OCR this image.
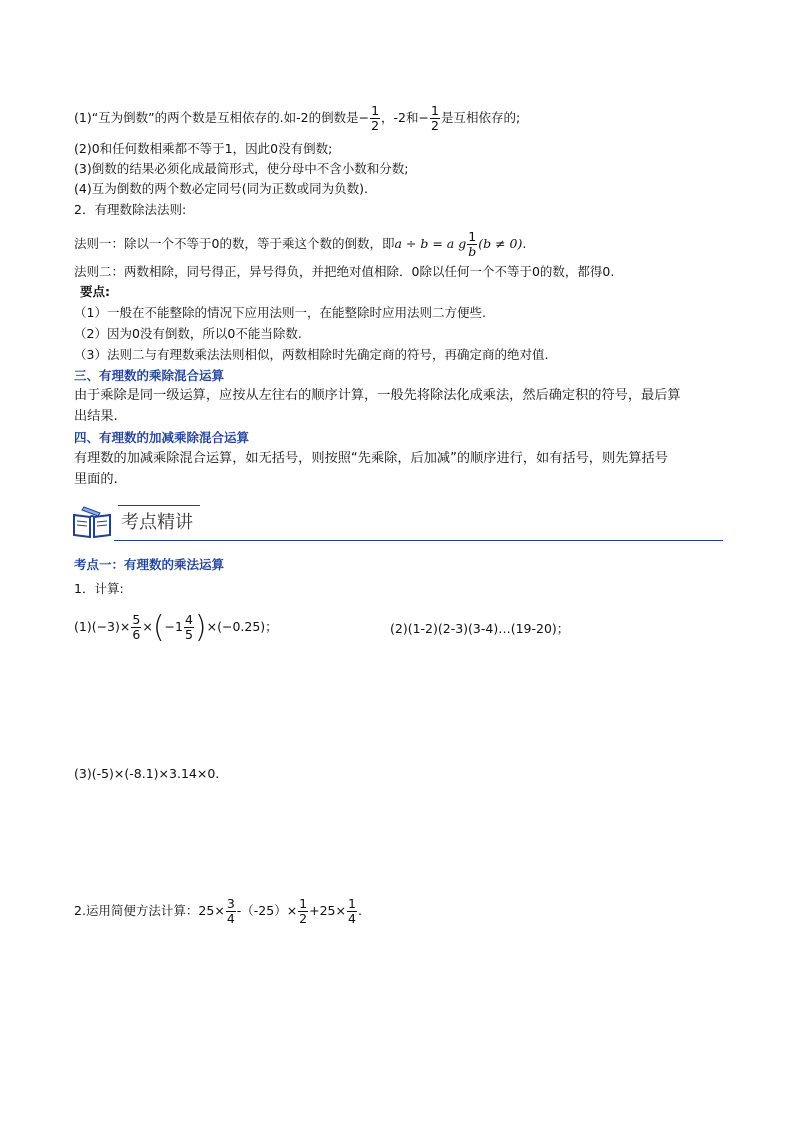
(1)“互为倒数”的两个数是互相依存的.如-2的倒数是− $\frac{1}{2}$ ，-2和− $\frac{1}{2}$ 是互相依存的;
(2)0和任何数相乘都不等于1，因此0没有倒数;
(3)倒数的结果必须化成最简形式，使分母中不含小数和分数;
(4)互为倒数的两个数必定同号(同为正数或同为负数).
2．有理数除法法则:
法则一：除以一个不等于0的数，等于乘这个数的倒数，即a ÷ b = a g $\frac{1}{b} (b \ne 0)$.
法则二：两数相除，同号得正，异号得负，并把绝对值相除．0除以任何一个不等于0的数，都得0.
要点:
（1）一般在不能整除的情况下应用法则一，在能整除时应用法则二方便些.
（2）因为0没有倒数，所以0不能当除数.
（3）法则二与有理数乘法法则相似，两数相除时先确定商的符号，再确定商的绝对值.
三、有理数的乘除混合运算
由于乘除是同一级运算，应按从左往右的顺序计算，一般先将除法化成乘法，然后确定积的符号，最后算
出结果.
四、有理数的加减乘除混合运算
有理数的加减乘除混合运算，如无括号，则按照“先乘除，后加减”的顺序进行，如有括号，则先算括号
里面的.
考点精讲
考点一：有理数的乘法运算
1．计算:
$(1)(-3)\times \frac{5}{6} \times(-1 \frac{4}{5} )\times(-0.25)$；	(2)(1-2)(2-3)(3-4)…(19-20)；
(3)(-5)×(-8.1)×3.14×0.
2.运用简便方法计算：$25\times \frac{3}{4} -(-25)\times \frac{1}{2} +25\times \frac{1}{4}$ .
